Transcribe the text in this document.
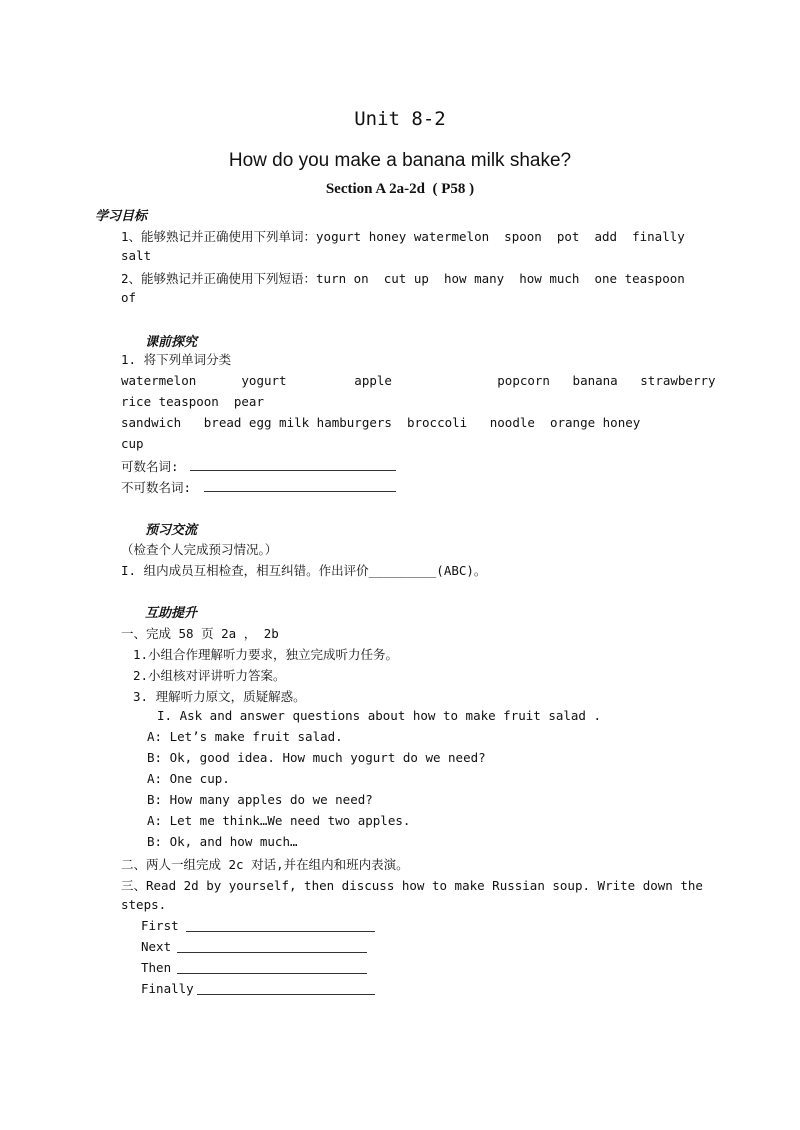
Unit 8-2
How do you make a banana milk shake?
Section A 2a-2d  ( P58 )
学习目标
1、能够熟记并正确使用下列单词：yogurt honey watermelon  spoon  pot  add  finally
salt
2、能够熟记并正确使用下列短语：turn on  cut up  how many  how much  one teaspoon
of
课前探究
1. 将下列单词分类
watermelon      yogurt         apple              popcorn   banana   strawberry
rice teaspoon  pear
sandwich   bread egg milk hamburgers  broccoli   noodle  orange honey
cup
可数名词:
不可数名词:
预习交流
（检查个人完成预习情况。）
I. 组内成员互相检查，相互纠错。作出评价_________(ABC)。
互助提升
一、完成 58 页 2a ， 2b
1.小组合作理解听力要求，独立完成听力任务。
2.小组核对评讲听力答案。
3. 理解听力原文，质疑解惑。
I. Ask and answer questions about how to make fruit salad .
A: Let’s make fruit salad.
B: Ok, good idea. How much yogurt do we need?
A: One cup.
B: How many apples do we need?
A: Let me think…We need two apples.
B: Ok, and how much…
二、两人一组完成 2c 对话,并在组内和班内表演。
三、Read 2d by yourself, then discuss how to make Russian soup. Write down the
steps.
First
Next
Then
Finally
